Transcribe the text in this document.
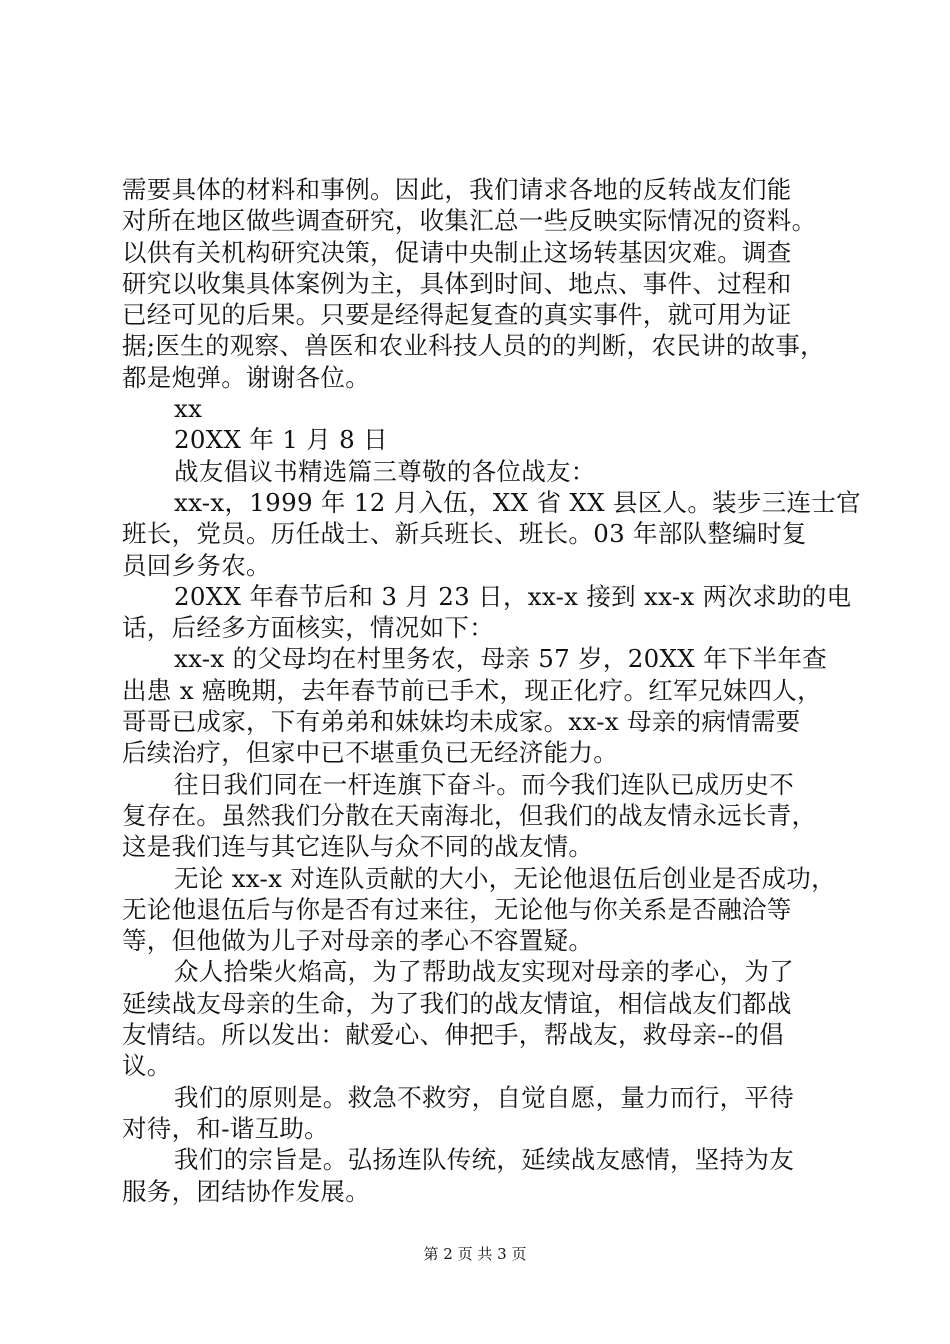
需要具体的材料和事例。因此，我们请求各地的反转战友们能
对所在地区做些调查研究，收集汇总一些反映实际情况的资料。
以供有关机构研究决策，促请中央制止这场转基因灾难。调查
研究以收集具体案例为主，具体到时间、地点、事件、过程和
已经可见的后果。只要是经得起复查的真实事件，就可用为证
据;医生的观察、兽医和农业科技人员的的判断，农民讲的故事，
都是炮弹。谢谢各位。
xx
20XX 年 1 月 8 日
战友倡议书精选篇三尊敬的各位战友：
xx-x，1999 年 12 月入伍，XX 省 XX 县区人。装步三连士官
班长，党员。历任战士、新兵班长、班长。03 年部队整编时复
员回乡务农。
20XX 年春节后和 3 月 23 日，xx-x 接到 xx-x 两次求助的电
话，后经多方面核实，情况如下：
xx-x 的父母均在村里务农，母亲 57 岁，20XX 年下半年查
出患 x 癌晚期，去年春节前已手术，现正化疗。红军兄妹四人，
哥哥已成家，下有弟弟和妹妹均未成家。xx-x 母亲的病情需要
后续治疗，但家中已不堪重负已无经济能力。
往日我们同在一杆连旗下奋斗。而今我们连队已成历史不
复存在。虽然我们分散在天南海北，但我们的战友情永远长青，
这是我们连与其它连队与众不同的战友情。
无论 xx-x 对连队贡献的大小，无论他退伍后创业是否成功，
无论他退伍后与你是否有过来往，无论他与你关系是否融洽等
等，但他做为儿子对母亲的孝心不容置疑。
众人拾柴火焰高，为了帮助战友实现对母亲的孝心，为了
延续战友母亲的生命，为了我们的战友情谊，相信战友们都战
友情结。所以发出：献爱心、伸把手，帮战友，救母亲--的倡
议。
我们的原则是。救急不救穷，自觉自愿，量力而行，平待
对待，和-谐互助。
我们的宗旨是。弘扬连队传统，延续战友感情，坚持为友
服务，团结协作发展。
第 2 页 共 3 页
